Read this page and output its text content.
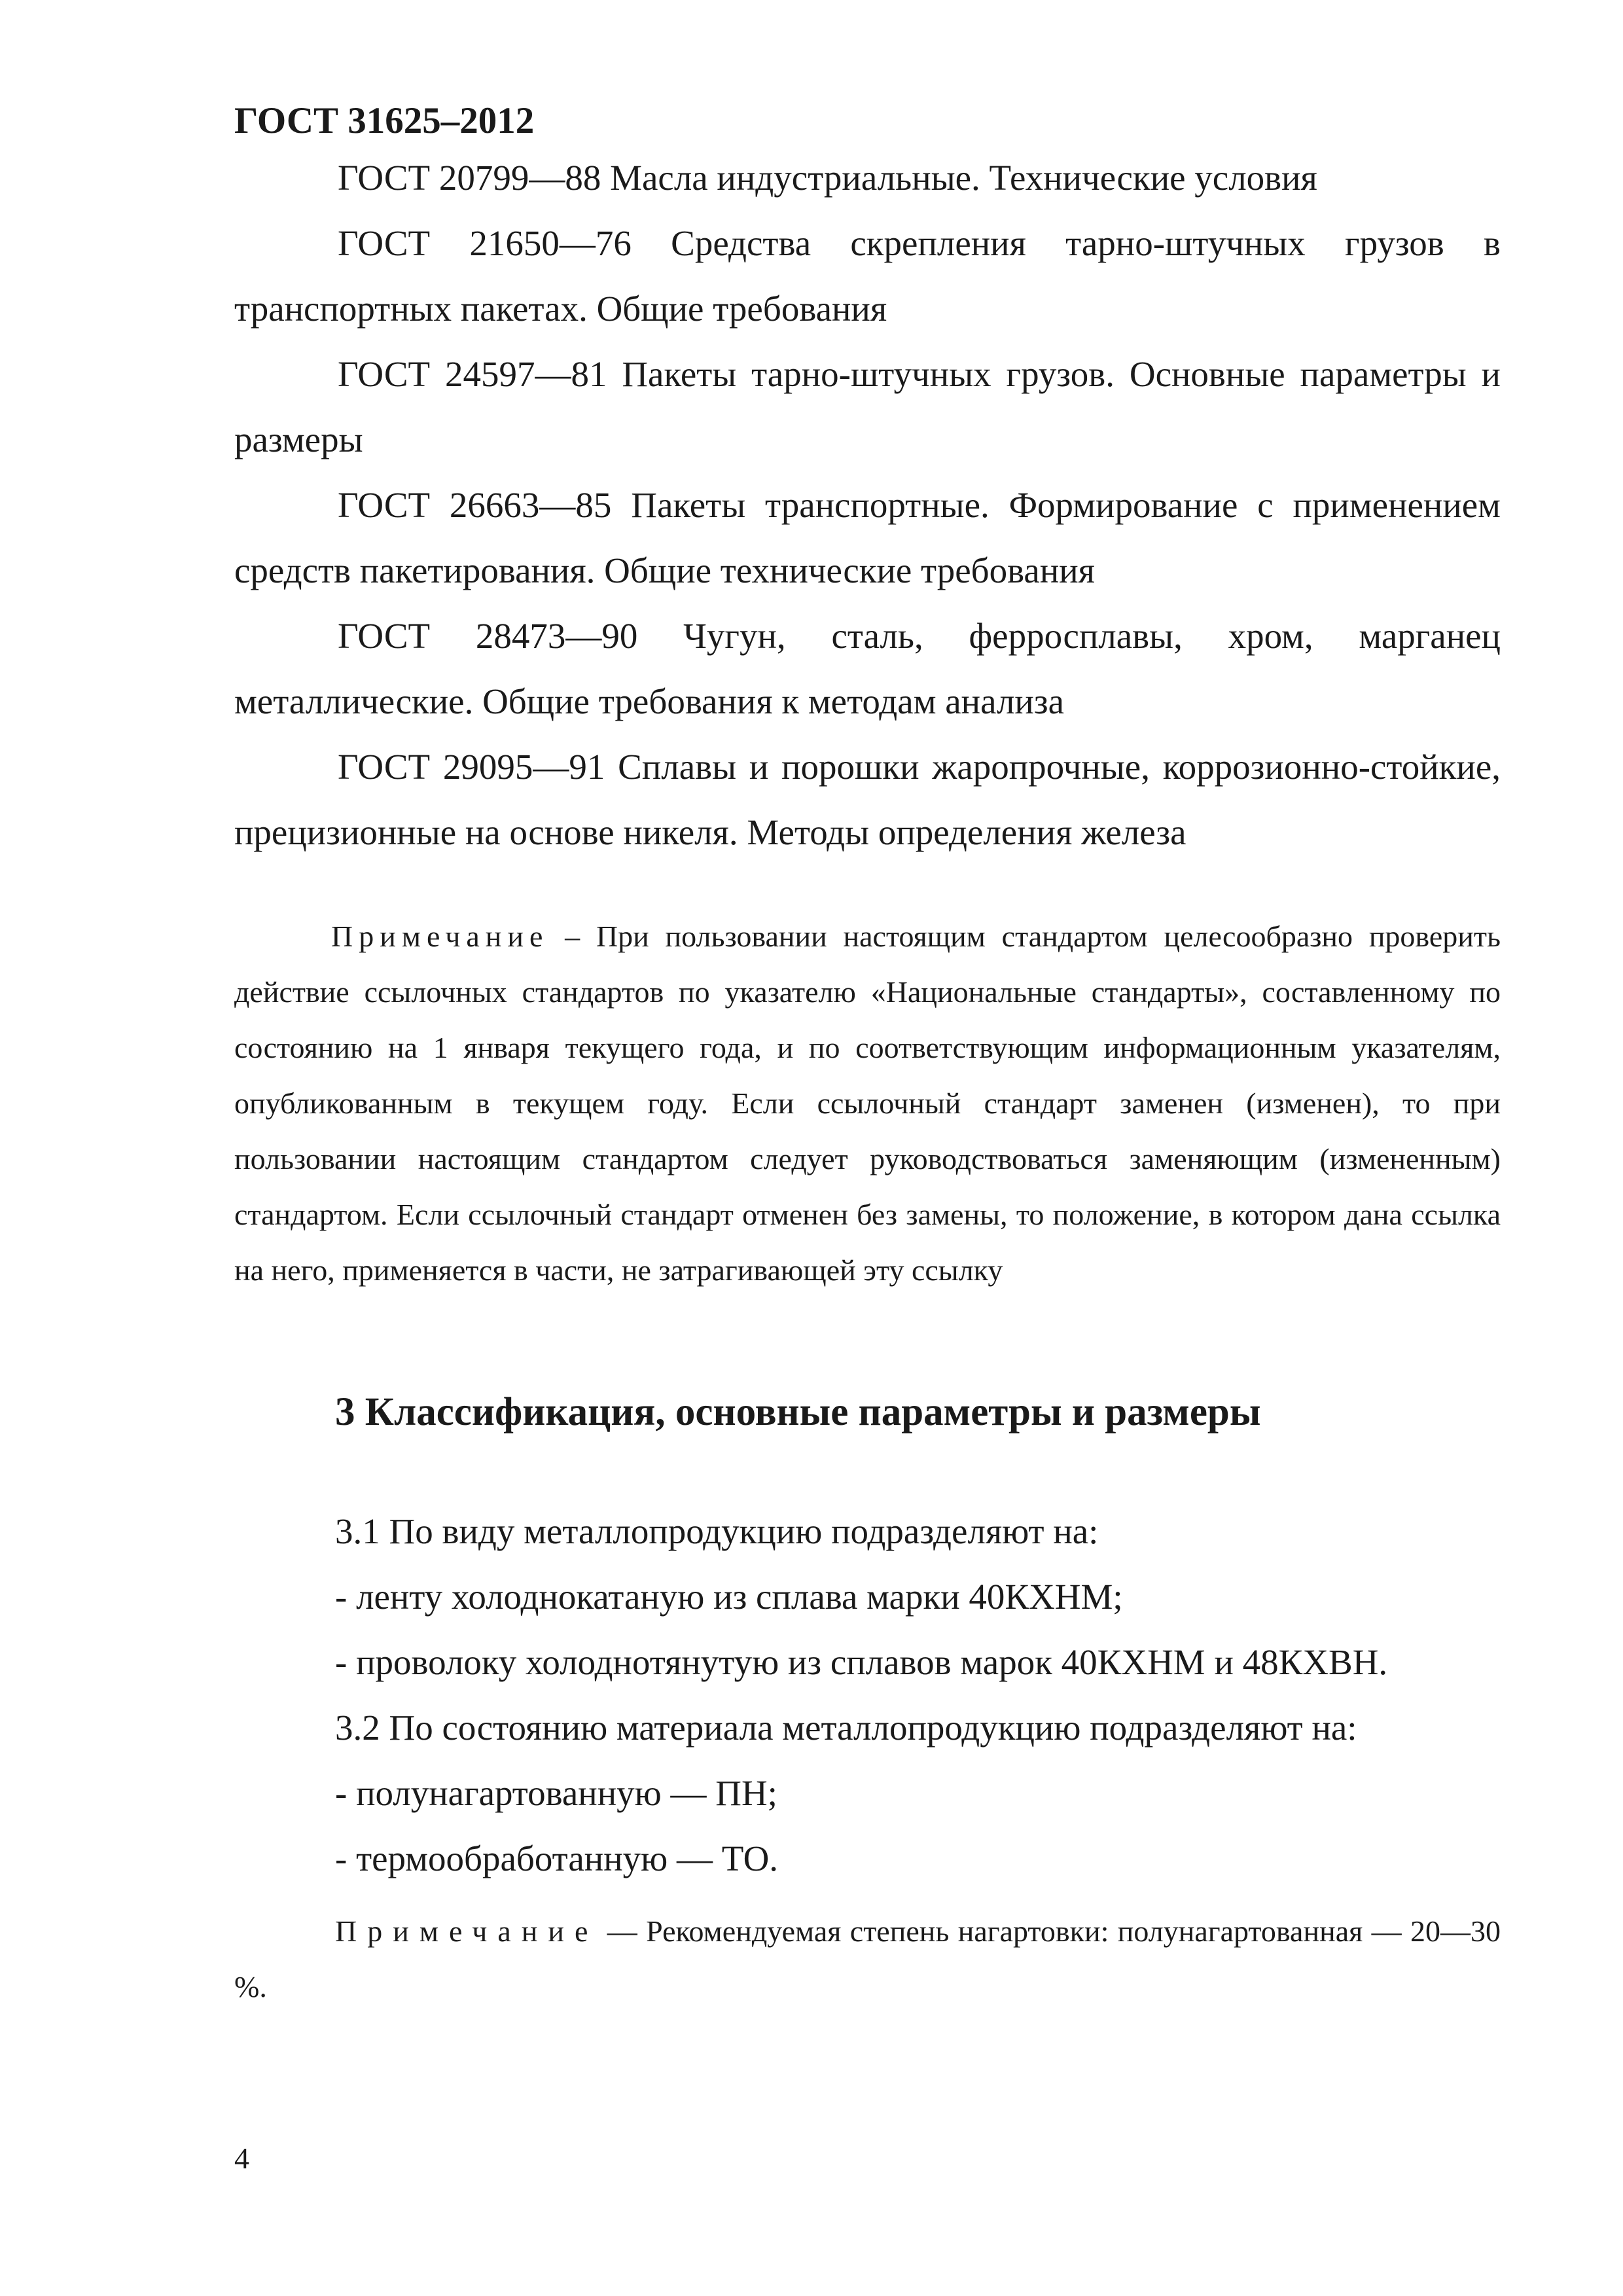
ГОСТ 31625–2012

ГОСТ 20799—88 Масла индустриальные. Технические условия

ГОСТ 21650—76 Средства скрепления тарно-штучных грузов в транспортных пакетах. Общие требования

ГОСТ 24597—81 Пакеты тарно-штучных грузов. Основные параметры и размеры

ГОСТ 26663—85 Пакеты транспортные. Формирование с применением средств пакетирования. Общие технические требования

ГОСТ 28473—90 Чугун, сталь, ферросплавы, хром, марганец металлические. Общие требования к методам анализа

ГОСТ 29095—91 Сплавы и порошки жаропрочные, коррозионно-стойкие, прецизионные на основе никеля. Методы определения железа

Примечание – При пользовании настоящим стандартом целесообразно проверить действие ссылочных стандартов по указателю «Национальные стандарты», составленному по состоянию на 1 января текущего года, и по соответствующим информационным указателям, опубликованным в текущем году. Если ссылочный стандарт заменен (изменен), то при пользовании настоящим стандартом следует руководствоваться заменяющим (измененным) стандартом. Если ссылочный стандарт отменен без замены, то положение, в котором дана ссылка на него, применяется в части, не затрагивающей эту ссылку

3 Классификация, основные параметры и размеры

3.1 По виду металлопродукцию подразделяют на:

- ленту холоднокатаную из сплава марки 40КХНМ;

- проволоку холоднотянутую из сплавов марок 40КХНМ и 48КХВН.

3.2 По состоянию материала металлопродукцию подразделяют на:

- полунагартованную — ПН;

- термообработанную — ТО.

Примечание — Рекомендуемая степень нагартовки: полунагартованная — 20—30 %.

4
